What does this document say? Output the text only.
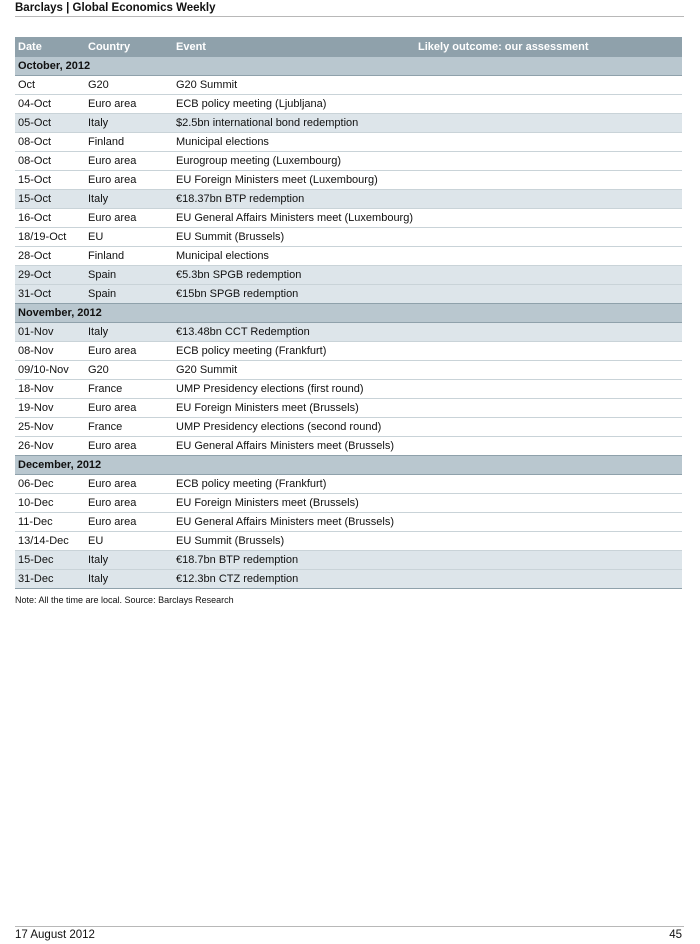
Barclays | Global Economics Weekly
Date	Country	Event	Likely outcome: our assessment
October, 2012			
Oct	G20	G20 Summit	
04-Oct	Euro area	ECB policy meeting (Ljubljana)	
05-Oct	Italy	$2.5bn international bond redemption	
08-Oct	Finland	Municipal elections	
08-Oct	Euro area	Eurogroup meeting (Luxembourg)	
15-Oct	Euro area	EU Foreign Ministers meet (Luxembourg)	
15-Oct	Italy	€18.37bn BTP redemption	
16-Oct	Euro area	EU General Affairs Ministers meet (Luxembourg)	
18/19-Oct	EU	EU Summit (Brussels)	
28-Oct	Finland	Municipal elections	
29-Oct	Spain	€5.3bn SPGB redemption	
31-Oct	Spain	€15bn SPGB redemption	
November, 2012			
01-Nov	Italy	€13.48bn CCT Redemption	
08-Nov	Euro area	ECB policy meeting (Frankfurt)	
09/10-Nov	G20	G20 Summit	
18-Nov	France	UMP Presidency elections (first round)	
19-Nov	Euro area	EU Foreign Ministers meet (Brussels)	
25-Nov	France	UMP Presidency elections (second round)	
26-Nov	Euro area	EU General Affairs Ministers meet (Brussels)	
December, 2012			
06-Dec	Euro area	ECB policy meeting (Frankfurt)	
10-Dec	Euro area	EU Foreign Ministers meet (Brussels)	
11-Dec	Euro area	EU General Affairs Ministers meet (Brussels)	
13/14-Dec	EU	EU Summit (Brussels)	
15-Dec	Italy	€18.7bn BTP redemption	
31-Dec	Italy	€12.3bn CTZ redemption	
Note: All the time are local. Source: Barclays Research
17 August 2012	45
